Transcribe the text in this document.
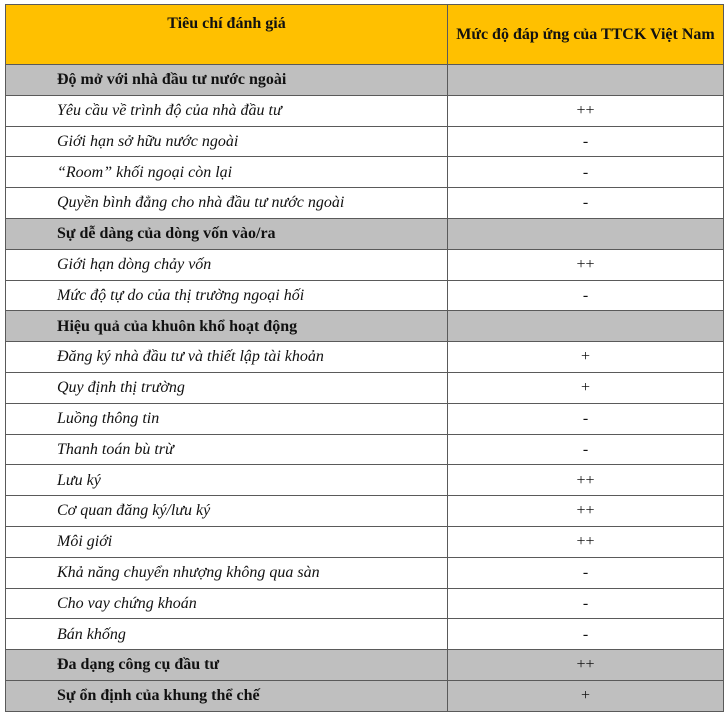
Tiêu chí đánh giá	Mức độ đáp ứng của TTCK Việt Nam
Độ mở với nhà đầu tư nước ngoài	
Yêu cầu về trình độ của nhà đầu tư	++
Giới hạn sở hữu nước ngoài	-
“Room” khối ngoại còn lại	-
Quyền bình đẳng cho nhà đầu tư nước ngoài	-
Sự dễ dàng của dòng vốn vào/ra	
Giới hạn dòng chảy vốn	++
Mức độ tự do của thị trường ngoại hối	-
Hiệu quả của khuôn khổ hoạt động	
Đăng ký nhà đầu tư và thiết lập tài khoản	+
Quy định thị trường	+
Luồng thông tin	-
Thanh toán bù trừ	-
Lưu ký	++
Cơ quan đăng ký/lưu ký	++
Môi giới	++
Khả năng chuyển nhượng không qua sàn	-
Cho vay chứng khoán	-
Bán khống	-
Đa dạng công cụ đầu tư	++
Sự ổn định của khung thể chế	+
